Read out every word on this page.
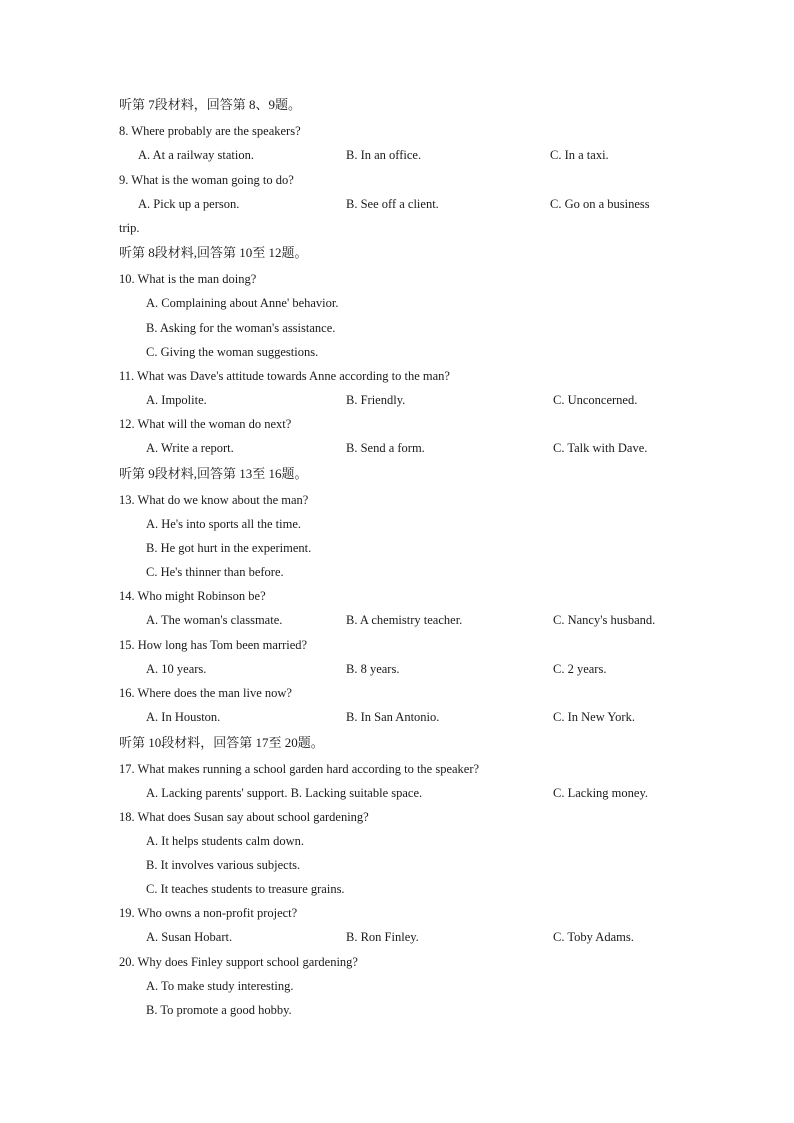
听第 7段材料，回答第 8、9题。
8. Where probably are the speakers?
A. At a railway station.	B. In an office.	C. In a taxi.
9. What is the woman going to do?
A. Pick up a person.	B. See off a client.	C. Go on a business
trip.
听第 8段材料,回答第 10至 12题。
10. What is the man doing?
A. Complaining about Anne' behavior.
B. Asking for the woman's assistance.
C. Giving the woman suggestions.
11. What was Dave's attitude towards Anne according to the man?
A. Impolite.	B. Friendly.	C. Unconcerned.
12. What will the woman do next?
A. Write a report.	B. Send a form.	C. Talk with Dave.
听第 9段材料,回答第 13至 16题。
13. What do we know about the man?
A. He's into sports all the time.
B. He got hurt in the experiment.
C. He's thinner than before.
14. Who might Robinson be?
A. The woman's classmate.	B. A chemistry teacher.	C. Nancy's husband.
15. How long has Tom been married?
A. 10 years.	B. 8 years.	C. 2 years.
16. Where does the man live now?
A. In Houston.	B. In San Antonio.	C. In New York.
听第 10段材料，回答第 17至 20题。
17. What makes running a school garden hard according to the speaker?
A. Lacking parents' support. B. Lacking suitable space.	C. Lacking money.
18. What does Susan say about school gardening?
A. It helps students calm down.
B. It involves various subjects.
C. It teaches students to treasure grains.
19. Who owns a non-profit project?
A. Susan Hobart.	B. Ron Finley.	C. Toby Adams.
20. Why does Finley support school gardening?
A. To make study interesting.
B. To promote a good hobby.
